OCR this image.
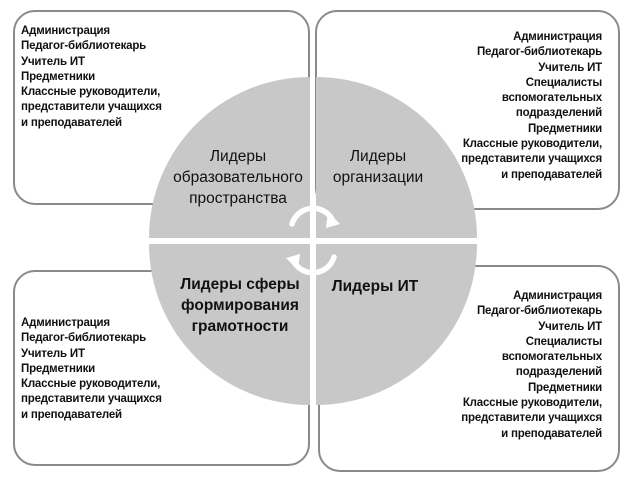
Лидеры
образовательного
пространства
Лидеры
организации
Лидеры сферы
формирования
грамотности
Лидеры ИТ
Администрация
Педагог-библиотекарь
Учитель ИТ
Предметники
Классные руководители,
представители учащихся
и преподавателей
Администрация
Педагог-библиотекарь
Учитель ИТ
Специалисты
вспомогательных
подразделений
Предметники
Классные руководители,
представители учащихся
и преподавателей
Администрация
Педагог-библиотекарь
Учитель ИТ
Предметники
Классные руководители,
представители учащихся
и преподавателей
Администрация
Педагог-библиотекарь
Учитель ИТ
Специалисты
вспомогательных
подразделений
Предметники
Классные руководители,
представители учащихся
и преподавателей
